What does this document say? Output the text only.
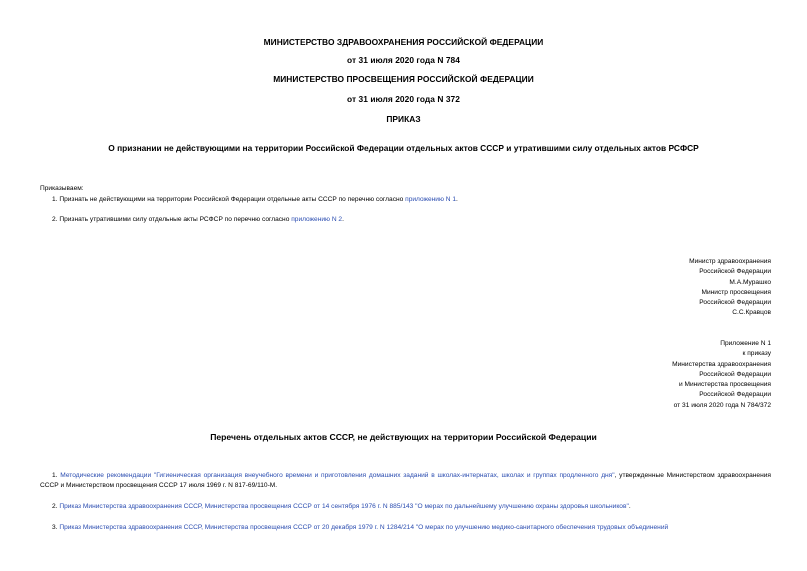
МИНИСТЕРСТВО ЗДРАВООХРАНЕНИЯ РОССИЙСКОЙ ФЕДЕРАЦИИ
от 31 июля 2020 года N 784
МИНИСТЕРСТВО ПРОСВЕЩЕНИЯ РОССИЙСКОЙ ФЕДЕРАЦИИ
от 31 июля 2020 года N 372
ПРИКАЗ
О признании не действующими на территории Российской Федерации отдельных актов СССР и утратившими силу отдельных актов РСФСР
Приказываем:
1. Признать не действующими на территории Российской Федерации отдельные акты СССР по перечню согласно приложению N 1.
2. Признать утратившими силу отдельные акты РСФСР по перечню согласно приложению N 2.
Министр здравоохранения
Российской Федерации
М.А.Мурашко
Министр просвещения
Российской Федерации
С.С.Кравцов
Приложение N 1
к приказу
Министерства здравоохранения
Российской Федерации
и Министерства просвещения
Российской Федерации
от 31 июля 2020 года N 784/372
Перечень отдельных актов СССР, не действующих на территории Российской Федерации
1. Методические рекомендации "Гигиеническая организация внеучебного времени и приготовления домашних заданий в школах-интернатах, школах и группах продленного дня", утвержденные Министерством здравоохранения СССР и Министерством просвещения СССР 17 июля 1969 г. N 817-69/110-М.
2. Приказ Министерства здравоохранения СССР, Министерства просвещения СССР от 14 сентября 1976 г. N 885/143 "О мерах по дальнейшему улучшению охраны здоровья школьников".
3. Приказ Министерства здравоохранения СССР, Министерства просвещения СССР от 20 декабря 1979 г. N 1284/214 "О мерах по улучшению медико-санитарного обеспечения трудовых объединений
